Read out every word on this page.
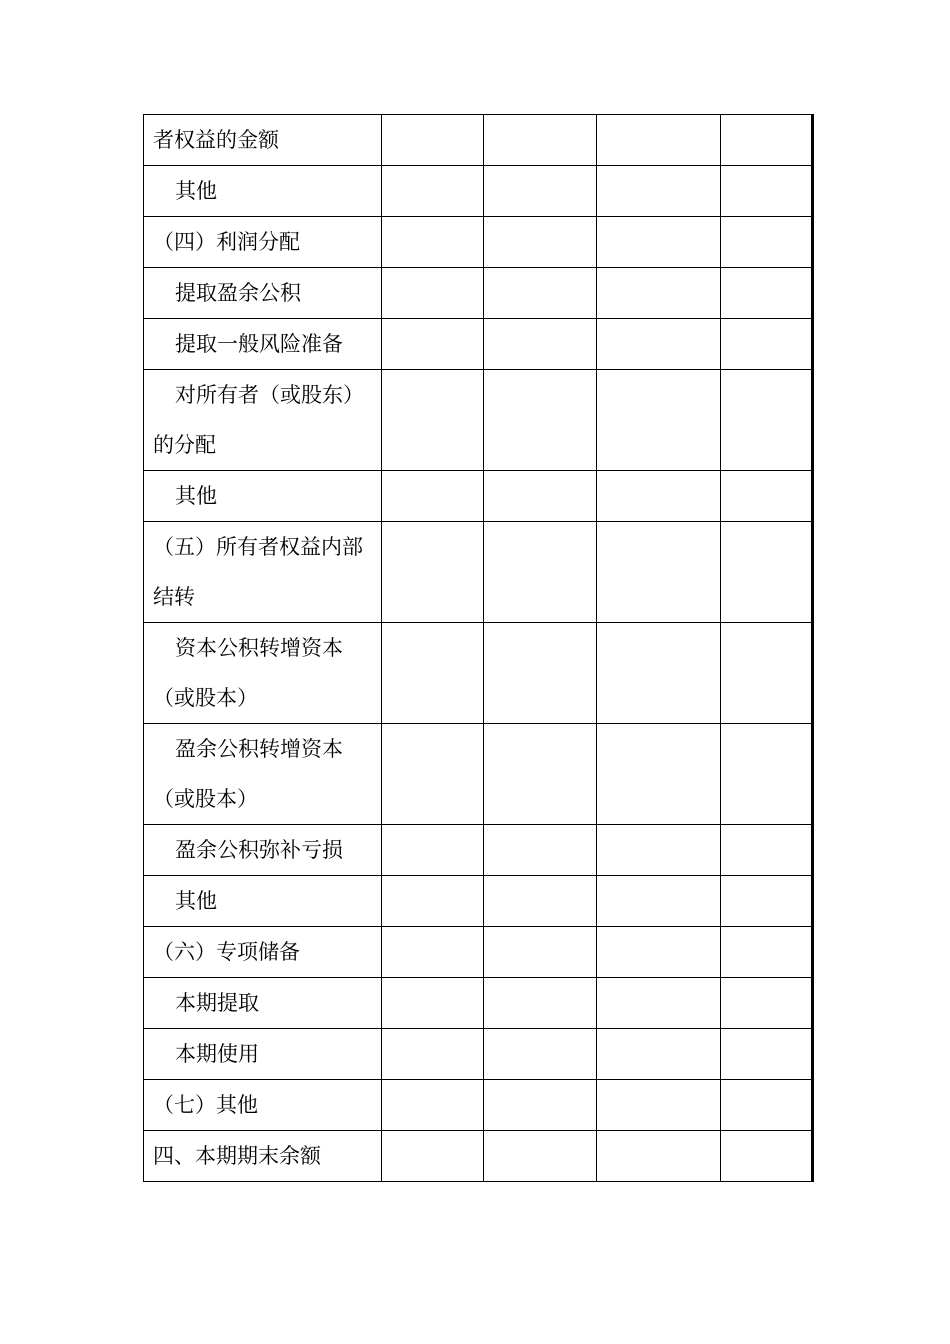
者权益的金额				

其他				

（四）利润分配				

提取盈余公积				

提取一般风险准备				

对所有者（或股东）
的分配				

其他				

（五）所有者权益内部
结转				

资本公积转增资本
（或股本）				

盈余公积转增资本
（或股本）				

盈余公积弥补亏损				

其他				

（六）专项储备				

本期提取				

本期使用				

（七）其他				

四、本期期末余额				
